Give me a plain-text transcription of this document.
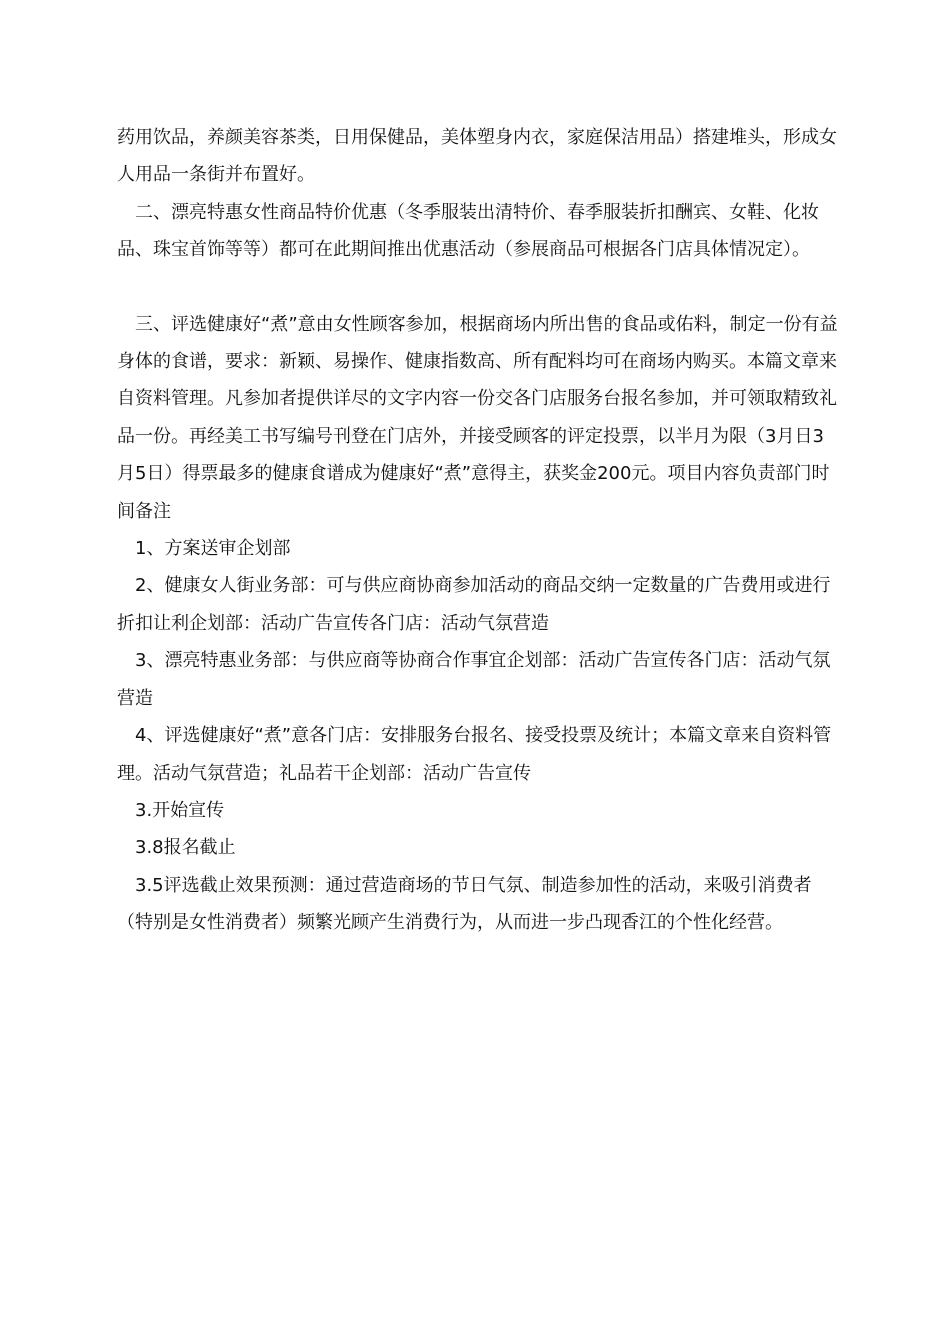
药用饮品，养颜美容茶类，日用保健品，美体塑身内衣，家庭保洁用品）搭建堆头，形成女人用品一条街并布置好。

二、漂亮特惠女性商品特价优惠（冬季服装出清特价、春季服装折扣酬宾、女鞋、化妆品、珠宝首饰等等）都可在此期间推出优惠活动（参展商品可根据各门店具体情况定）。

三、评选健康好“煮”意由女性顾客参加，根据商场内所出售的食品或佑料，制定一份有益身体的食谱，要求：新颖、易操作、健康指数高、所有配料均可在商场内购买。本篇文章来自资料管理。凡参加者提供详尽的文字内容一份交各门店服务台报名参加，并可领取精致礼品一份。再经美工书写编号刊登在门店外，并接受顾客的评定投票，以半月为限（3月日3月5日）得票最多的健康食谱成为健康好“煮”意得主，获奖金200元。项目内容负责部门时间备注

1、方案送审企划部

2、健康女人街业务部：可与供应商协商参加活动的商品交纳一定数量的广告费用或进行折扣让利企划部：活动广告宣传各门店：活动气氛营造

3、漂亮特惠业务部：与供应商等协商合作事宜企划部：活动广告宣传各门店：活动气氛营造

4、评选健康好“煮”意各门店：安排服务台报名、接受投票及统计；本篇文章来自资料管理。活动气氛营造；礼品若干企划部：活动广告宣传

3.开始宣传

3.8报名截止

3.5评选截止效果预测：通过营造商场的节日气氛、制造参加性的活动，来吸引消费者（特别是女性消费者）频繁光顾产生消费行为，从而进一步凸现香江的个性化经营。
